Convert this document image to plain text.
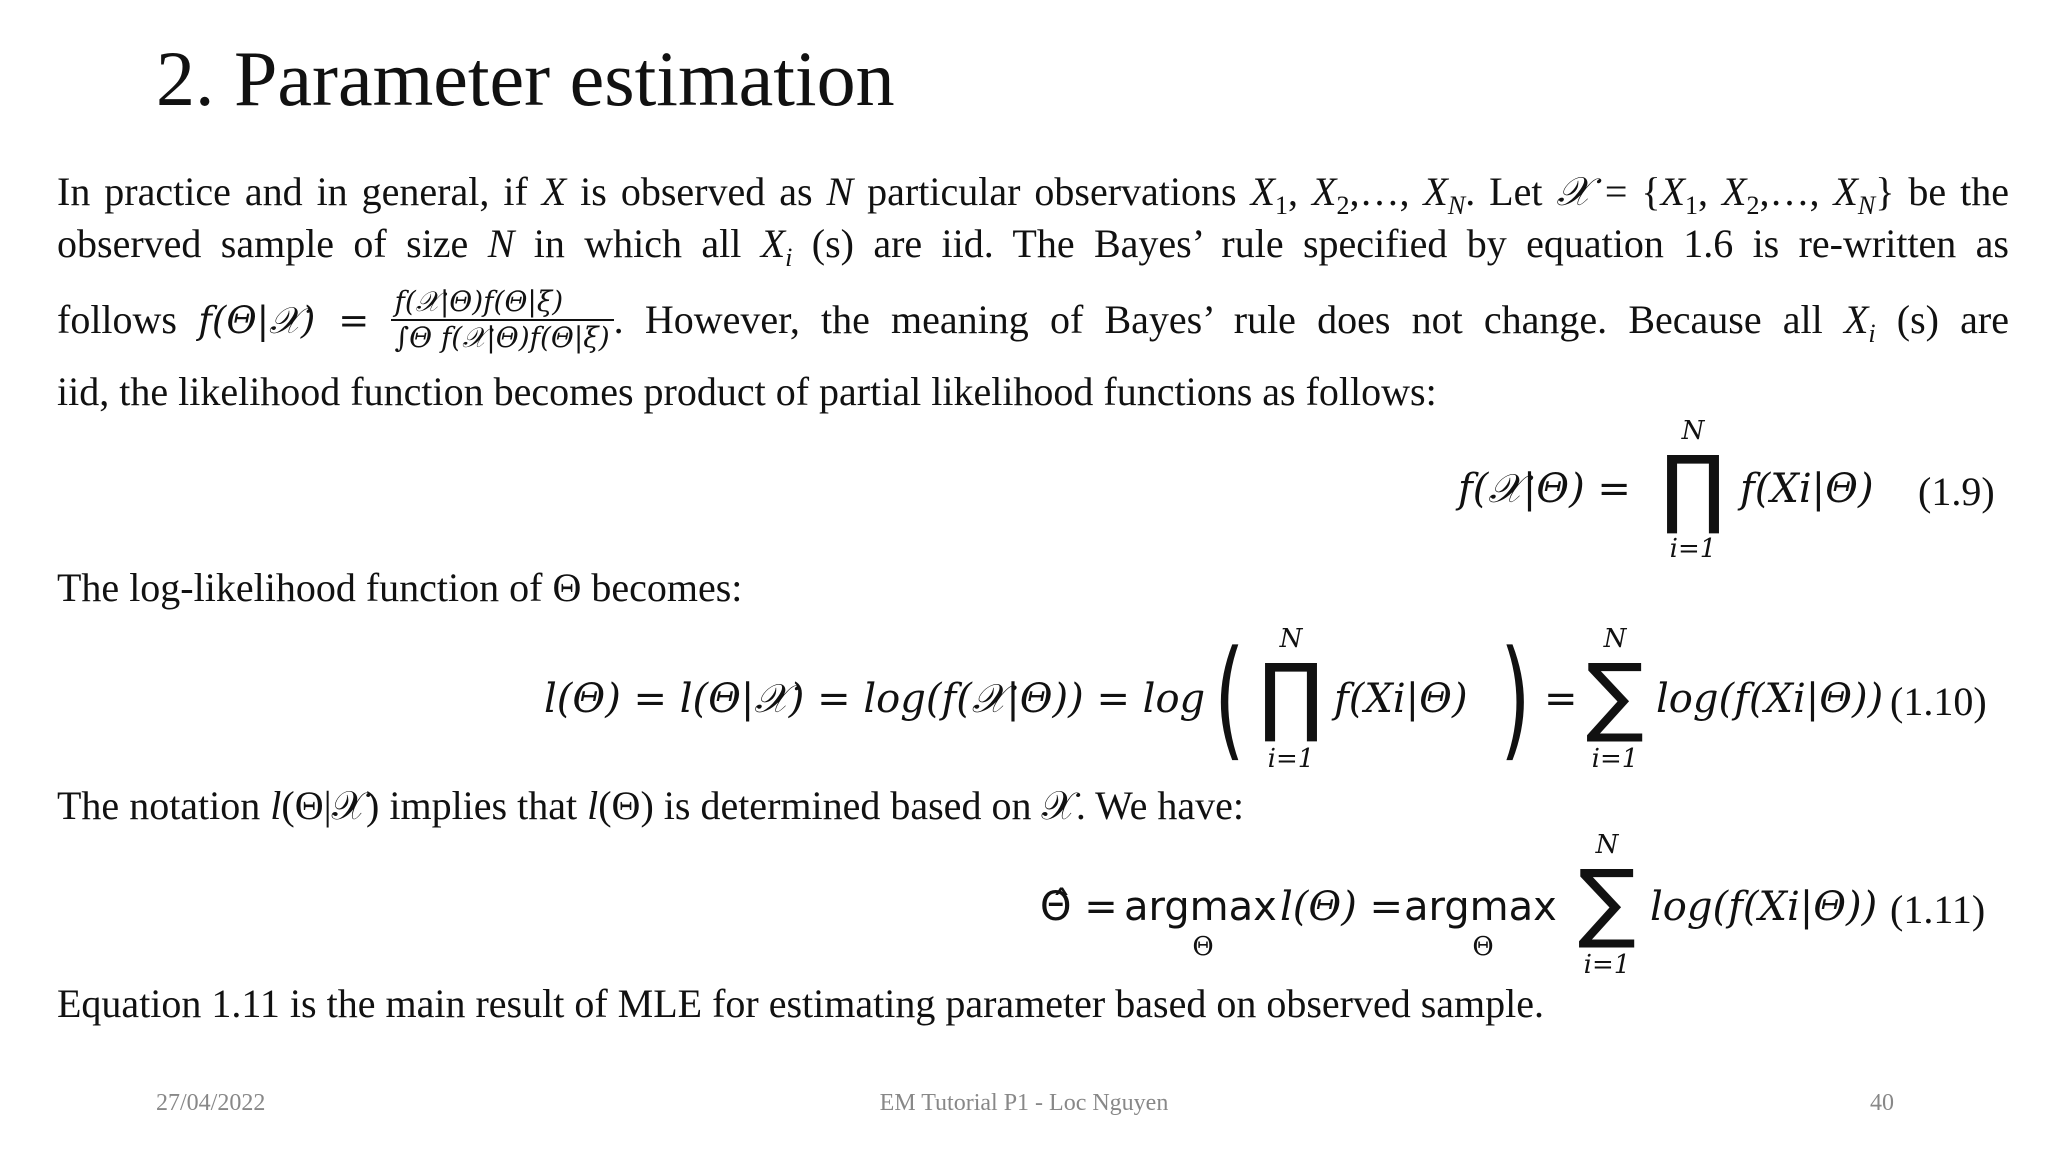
2. Parameter estimation
In practice and in general, if X is observed as N particular observations $X_1$, $X_2,\dots$, $X_N$. Let 𝒳 = {$X_1$, $X_2,\dots$, $X_N$} be the observed sample of size N in which all $X_i$ (s) are iid. The Bayes’ rule specified by equation 1.6 is re-written as
follows f(Θ|𝒳) = $\frac{\text{f(𝒳|Θ)f(Θ|ξ)}}{\text{∫Θ f(𝒳|Θ)f(Θ|ξ)}}$ . However, the meaning of Bayes’ rule does not change. Because all $X_i$ (s) are
iid, the likelihood function becomes product of partial likelihood functions as follows:
f(𝒳|Θ) =
N
∏
i=1
f(Xi|Θ) (1.9)
The log-likelihood function of Θ becomes:
l(Θ) = l(Θ|𝒳) = log(f(𝒳|Θ)) = log (	N
∏
i=1
f(Xi|Θ) ) =
N
∑
i=1
log(f(Xi|Θ)) (1.10)
The notation l(Θ|𝒳) implies that l(Θ) is determined based on 𝒳. We have:
Θ̂ = argmax
Θ
l(Θ) = argmax
Θ
N
∑
i=1
log(f(Xi|Θ)) (1.11)
Equation 1.11 is the main result of MLE for estimating parameter based on observed sample.
27/04/2022	EM Tutorial P1 - Loc Nguyen	40
